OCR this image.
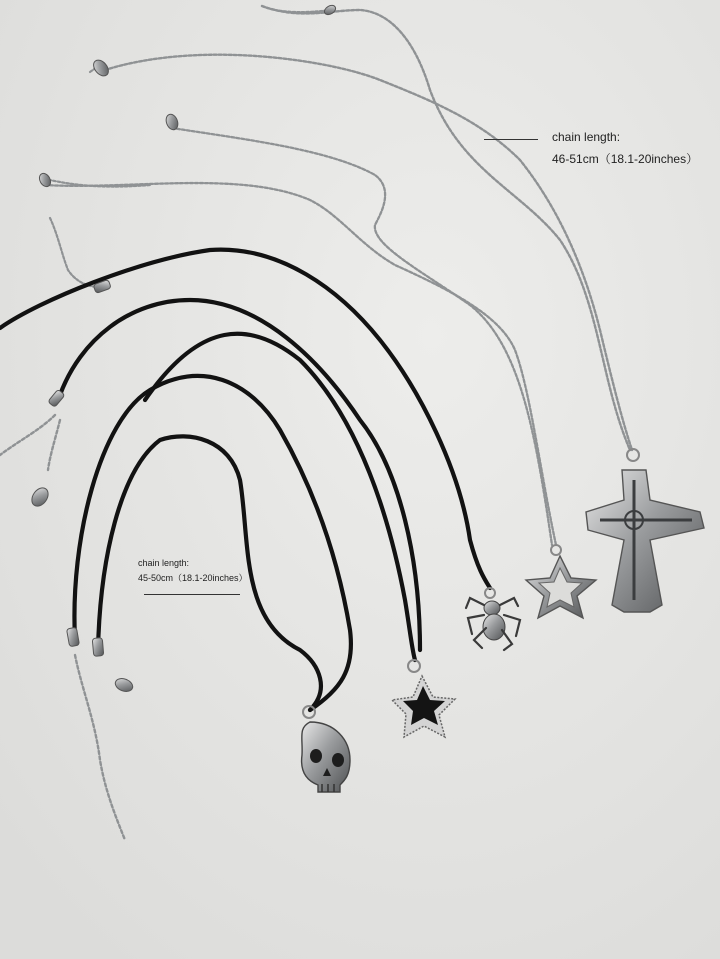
chain length:
46-51cm（18.1-20inches）
chain length:
45-50cm（18.1-20inches）
